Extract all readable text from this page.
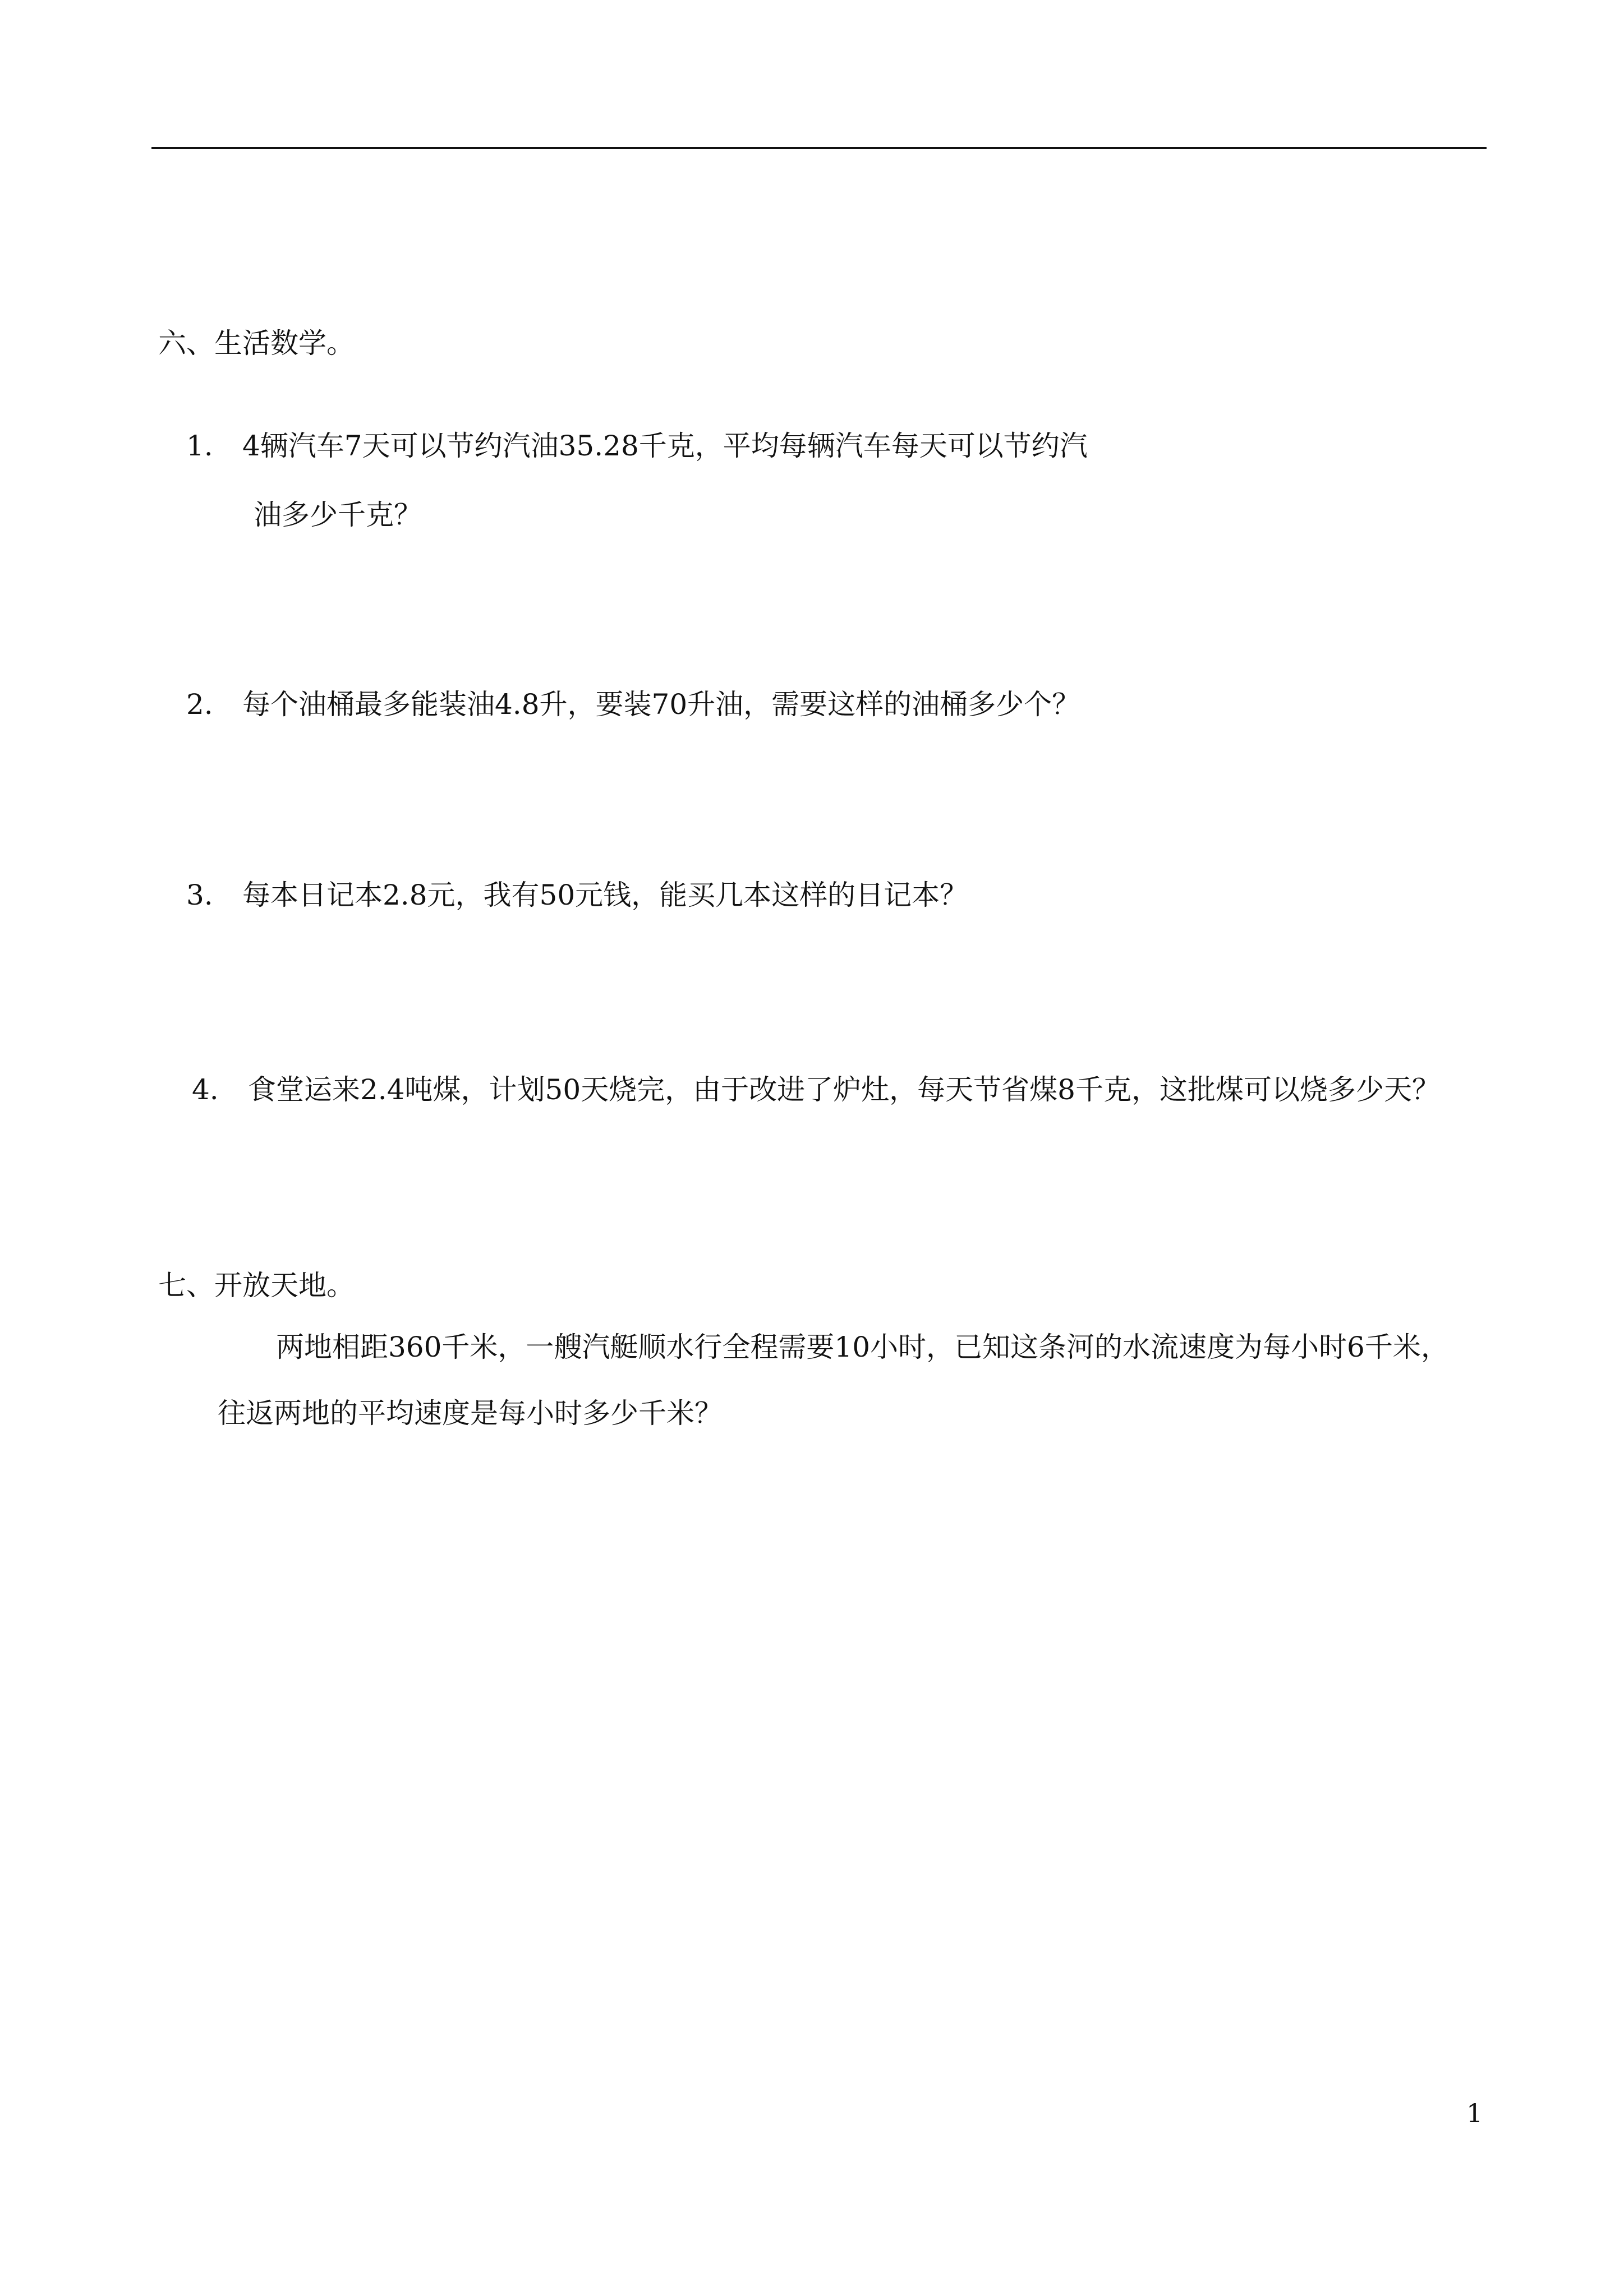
六、生活数学。
1. 4辆汽车7天可以节约汽油35.28千克，平均每辆汽车每天可以节约汽
油多少千克？
2. 每个油桶最多能装油4.8升，要装70升油，需要这样的油桶多少个？
3. 每本日记本2.8元，我有50元钱，能买几本这样的日记本？
4. 食堂运来2.4吨煤，计划50天烧完，由于改进了炉灶，每天节省煤8千克，这批煤可以烧多少天？
七、开放天地。
两地相距360千米，一艘汽艇顺水行全程需要10小时，已知这条河的水流速度为每小时6千米，
往返两地的平均速度是每小时多少千米？
1
